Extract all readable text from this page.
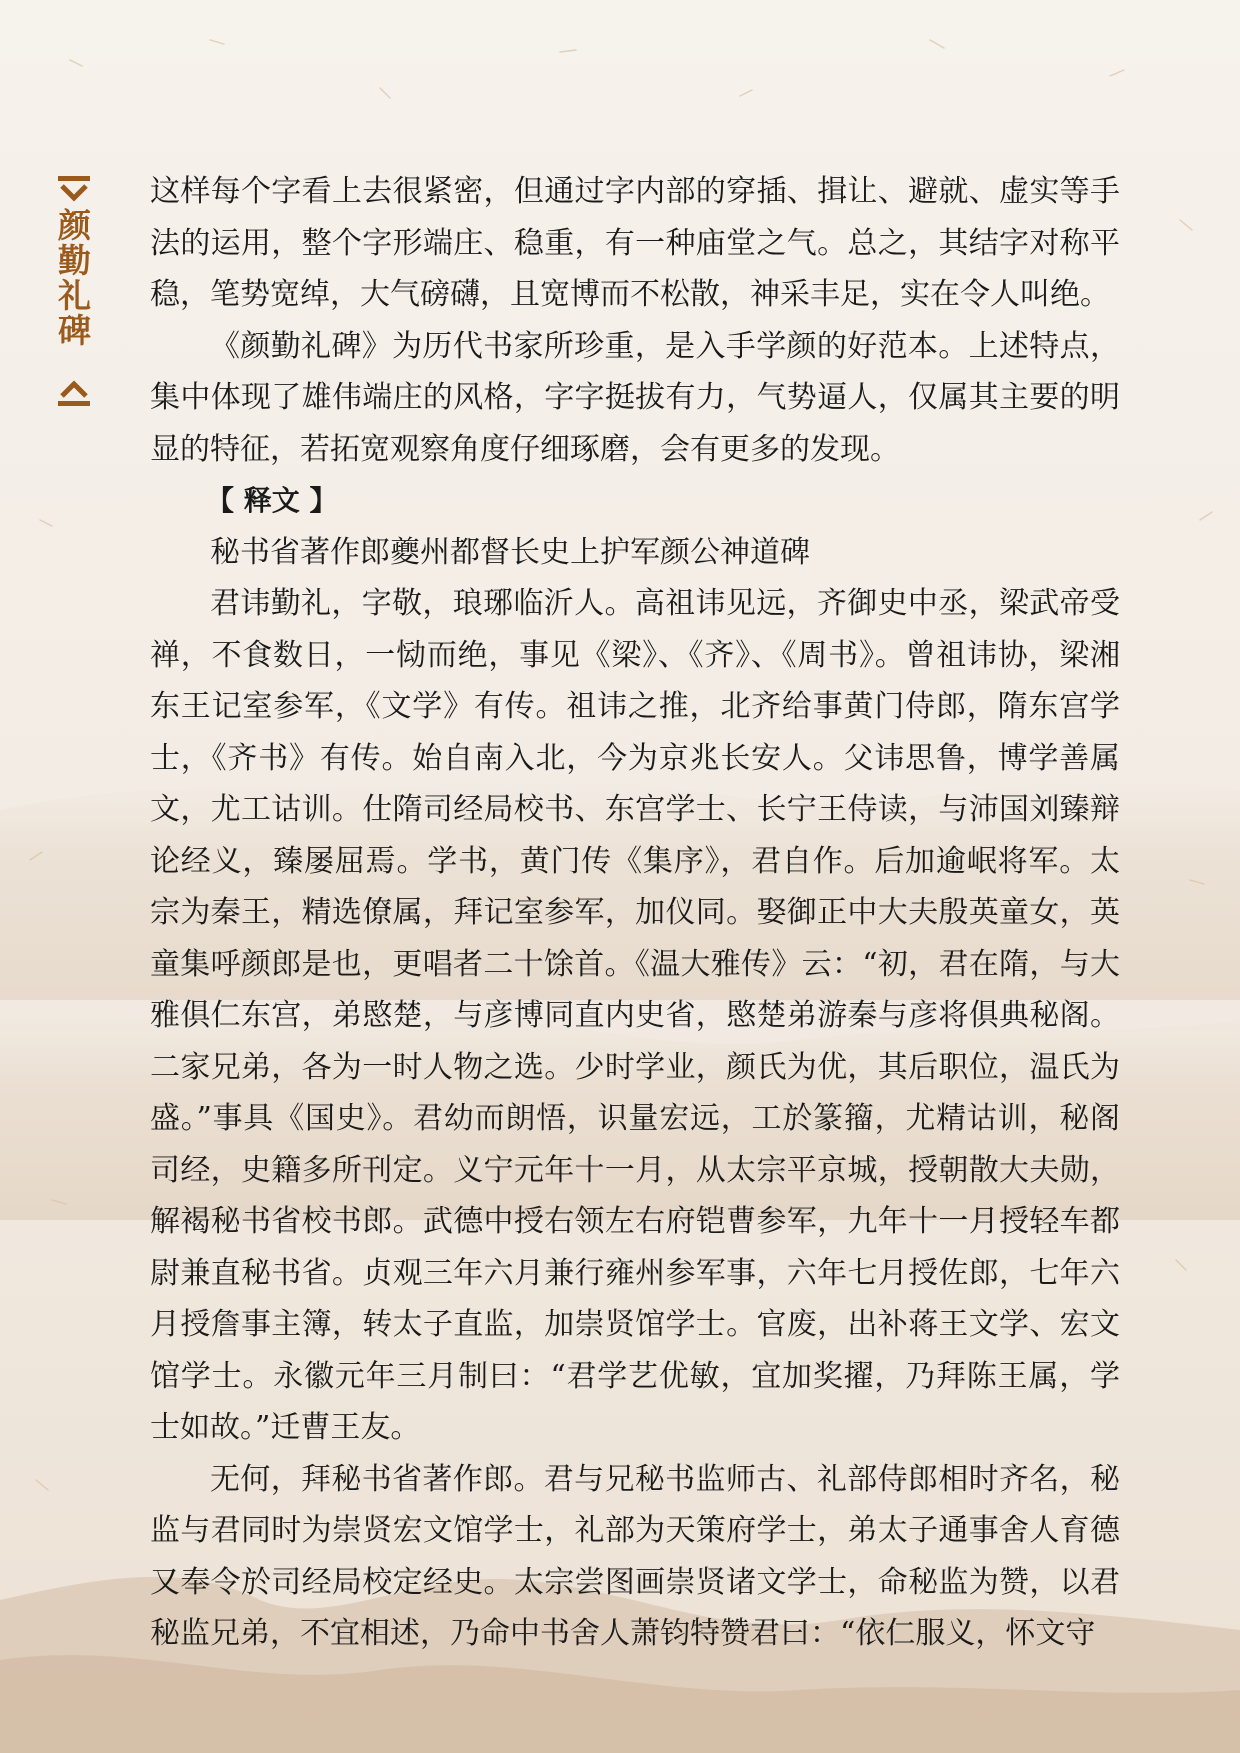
颜勤礼碑

这样每个字看上去很紧密，但通过字内部的穿插、揖让、避就、虚实等手法的运用，整个字形端庄、稳重，有一种庙堂之气。总之，其结字对称平稳，笔势宽绰，大气磅礴，且宽博而不松散，神采丰足，实在令人叫绝。

《颜勤礼碑》为历代书家所珍重，是入手学颜的好范本。上述特点，集中体现了雄伟端庄的风格，字字挺拔有力，气势逼人，仅属其主要的明显的特征，若拓宽观察角度仔细琢磨，会有更多的发现。

【 释文 】

秘书省著作郎夔州都督长史上护军颜公神道碑

君讳勤礼，字敬，琅琊临沂人。高祖讳见远，齐御史中丞，梁武帝受禅，不食数日，一恸而绝，事见《梁》、《齐》、《周书》。曾祖讳协，梁湘东王记室参军，《文学》有传。祖讳之推，北齐给事黄门侍郎，隋东宫学士，《齐书》有传。始自南入北，今为京兆长安人。父讳思鲁，博学善属文，尤工诂训。仕隋司经局校书、东宫学士、长宁王侍读，与沛国刘臻辩论经义，臻屡屈焉。学书，黄门传《集序》，君自作。后加逾岷将军。太宗为秦王，精选僚属，拜记室参军，加仪同。娶御正中大夫殷英童女，英童集呼颜郎是也，更唱者二十馀首。《温大雅传》云：“初，君在隋，与大雅俱仁东宫，弟愍楚，与彦博同直内史省，愍楚弟游秦与彦将俱典秘阁。二家兄弟，各为一时人物之选。少时学业，颜氏为优，其后职位，温氏为盛。”事具《国史》。君幼而朗悟，识量宏远，工於篆籀，尤精诂训，秘阁司经，史籍多所刊定。义宁元年十一月，从太宗平京城，授朝散大夫勋，解褐秘书省校书郎。武德中授右领左右府铠曹参军，九年十一月授轻车都尉兼直秘书省。贞观三年六月兼行雍州参军事，六年七月授佐郎，七年六月授詹事主簿，转太子直监，加崇贤馆学士。官废，出补蒋王文学、宏文馆学士。永徽元年三月制曰：“君学艺优敏，宜加奖擢，乃拜陈王属，学士如故。”迁曹王友。

无何，拜秘书省著作郎。君与兄秘书监师古、礼部侍郎相时齐名，秘监与君同时为崇贤宏文馆学士，礼部为天策府学士，弟太子通事舍人育德又奉令於司经局校定经史。太宗尝图画崇贤诸文学士，命秘监为赞，以君秘监兄弟，不宜相述，乃命中书舍人萧钧特赞君曰：“依仁服义，怀文守
